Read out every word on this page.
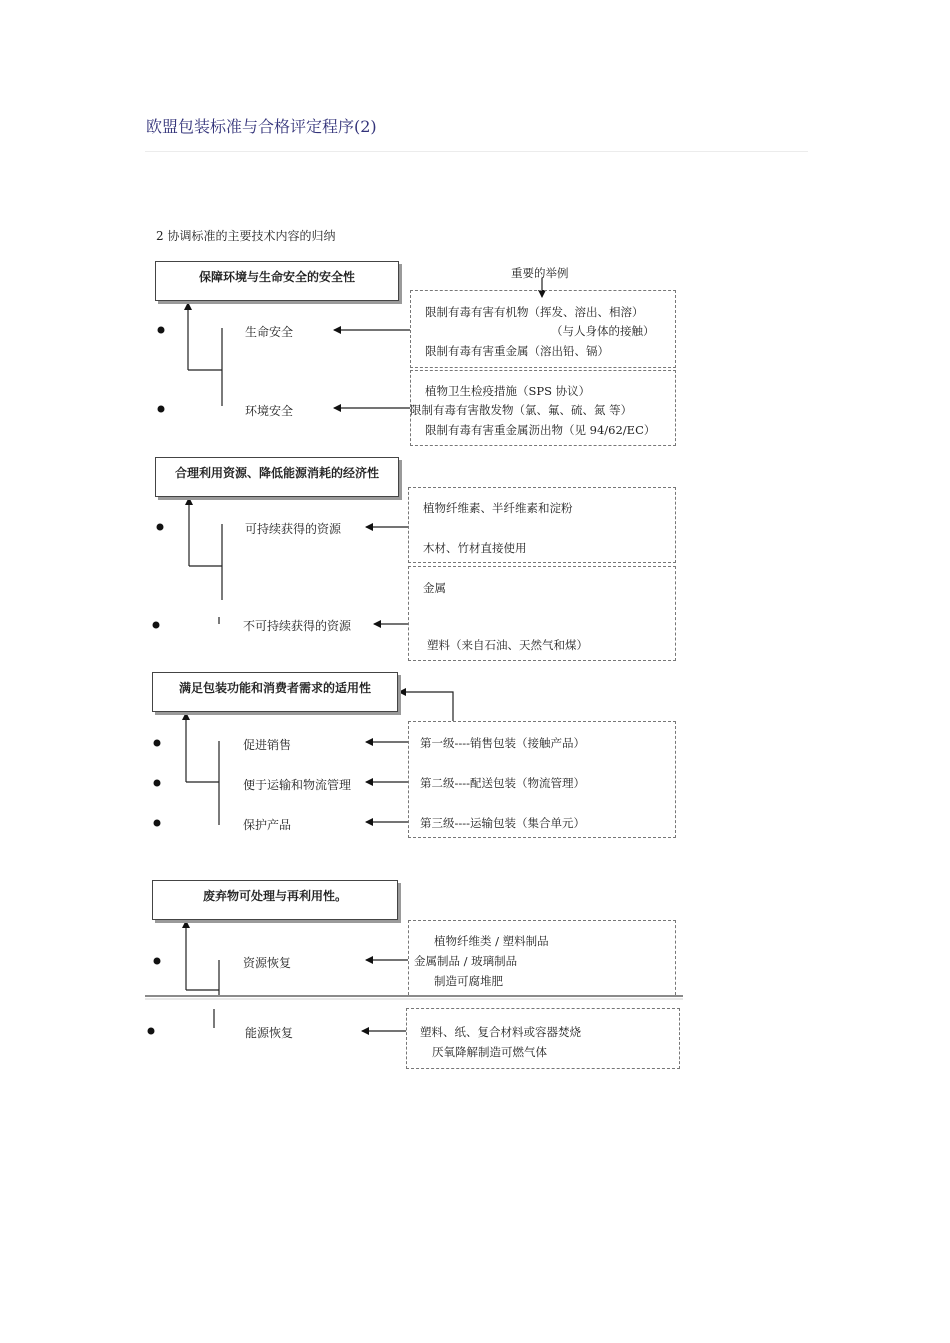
欧盟包装标准与合格评定程序(2)
2 协调标准的主要技术内容的归纳
重要的举例
保障环境与生命安全的安全性
合理利用资源、降低能源消耗的经济性
满足包装功能和消费者需求的适用性
废弃物可处理与再利用性。
生命安全
环境安全
可持续获得的资源
不可持续获得的资源
促进销售
便于运输和物流管理
保护产品
资源恢复
能源恢复
限制有毒有害有机物（挥发、溶出、相溶）
（与人身体的接触）
限制有毒有害重金属（溶出铅、镉）
植物卫生检疫措施（SPS 协议）
限制有毒有害散发物（氯、氟、硫、氮 等）
限制有毒有害重金属沥出物（见 94/62/EC）
植物纤维素、半纤维素和淀粉
木材、竹材直接使用
金属
塑料（来自石油、天然气和煤）
第一级----销售包装（接触产品）
第二级----配送包装（物流管理）
第三级----运输包装（集合单元）
植物纤维类 / 塑料制品
金属制品 / 玻璃制品
制造可腐堆肥
塑料、纸、复合材料或容器焚烧
厌氧降解制造可燃气体
